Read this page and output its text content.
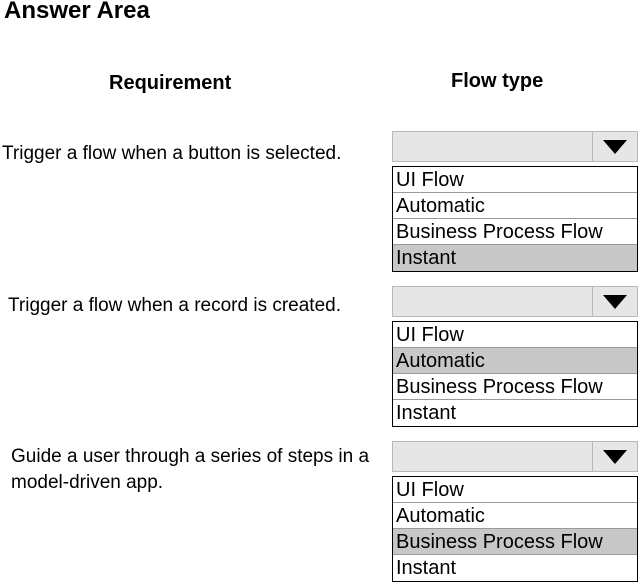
Answer Area
Requirement	Flow type
Trigger a flow when a button is selected.
UI Flow
Automatic
Business Process Flow
Instant
Trigger a flow when a record is created.
UI Flow
Automatic
Business Process Flow
Instant
Guide a user through a series of steps in a model-driven app.	UI Flow
Automatic
Business Process Flow
Instant
